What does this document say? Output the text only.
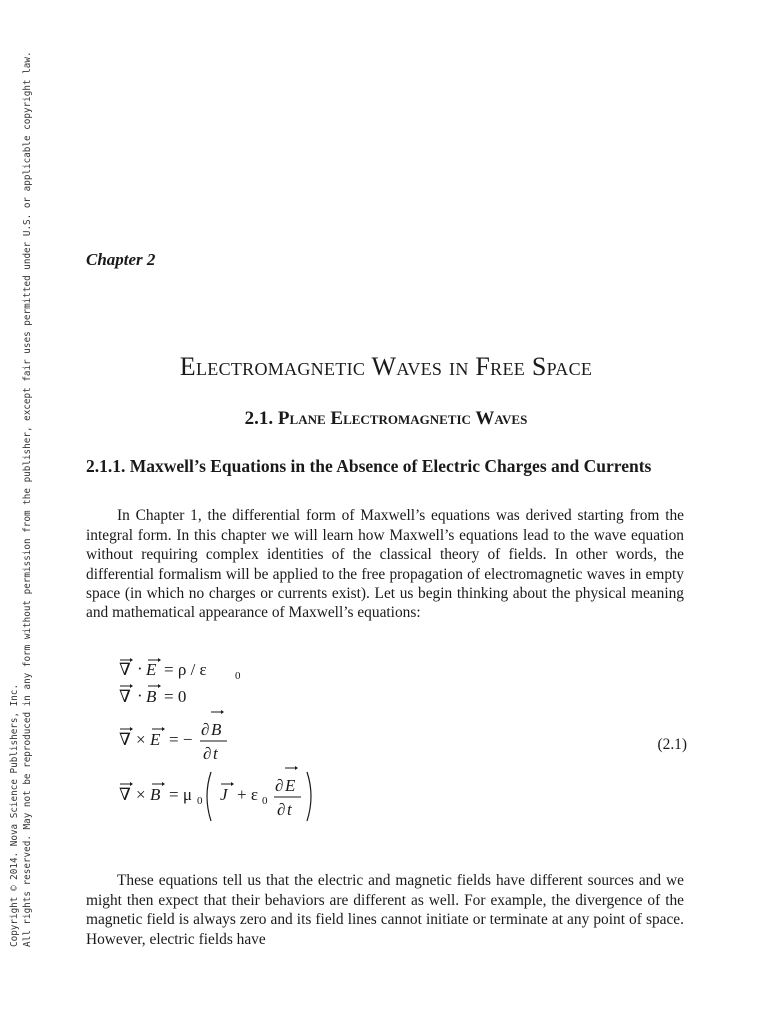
Copyright © 2014. Nova Science Publishers, Inc. All rights reserved. May not be reproduced in any form without permission from the publisher, except fair uses permitted under U.S. or applicable copyright law.	Chapter 2
Electromagnetic Waves in Free Space
2.1. Plane Electromagnetic Waves
2.1.1. Maxwell’s Equations in the Absence of Electric Charges and Currents

In Chapter 1, the differential form of Maxwell’s equations was derived starting from the integral form. In this chapter we will learn how Maxwell’s equations lead to the wave equation without requiring complex identities of the classical theory of fields. In other words, the differential formalism will be applied to the free propagation of electromagnetic waves in empty space (in which no charges or currents exist). Let us begin thinking about the physical meaning and mathematical appearance of Maxwell’s equations:

∇ · E = ρ / ε	0
∇ · B = 0
∇ × E = −
∂ B
∂ t
∇ × B = μ 0 J + ε 0
∂ E
∂ t
(2.1)

These equations tell us that the electric and magnetic fields have different sources and we might then expect that their behaviors are different as well. For example, the divergence of the magnetic field is always zero and its field lines cannot initiate or terminate at any point of space. However, electric fields have
